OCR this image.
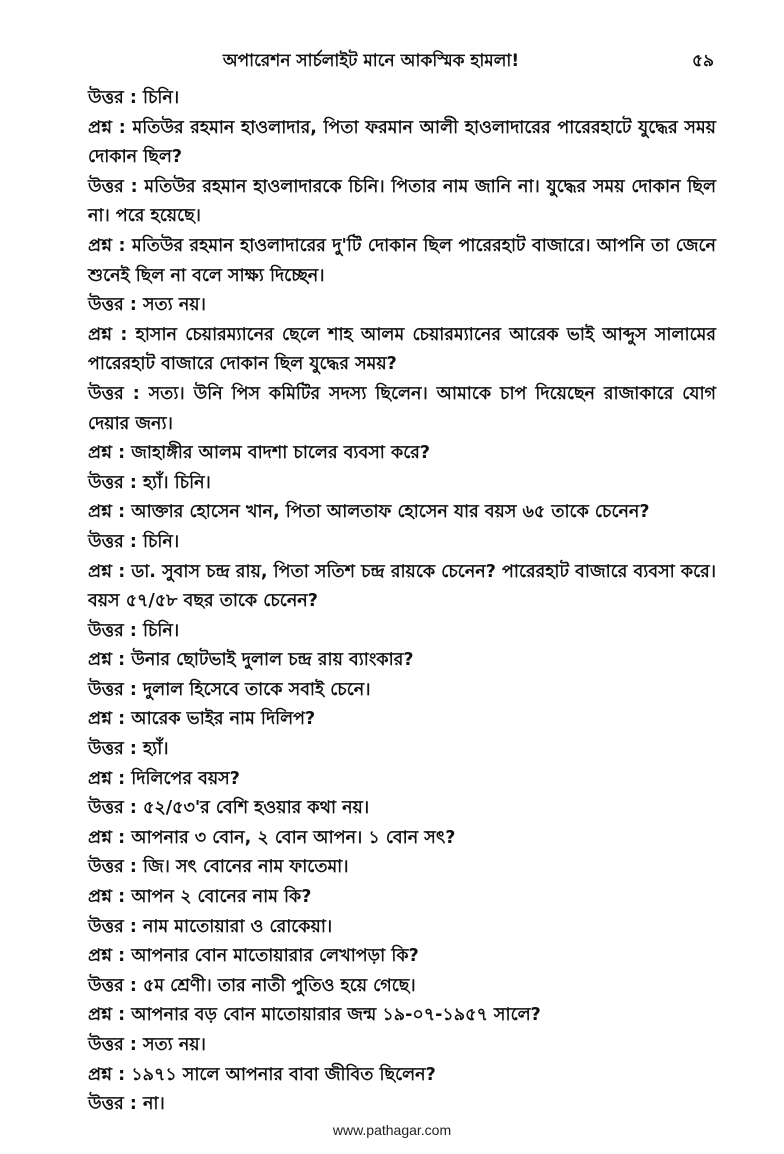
অপারেশন সার্চলাইট মানে আকস্মিক হামলা!	৫৯

উত্তর : চিনি।

প্রশ্ন : মতিউর রহমান হাওলাদার, পিতা ফরমান আলী হাওলাদারের পারেরহাটে যুদ্ধের সময় দোকান ছিল?

উত্তর : মতিউর রহমান হাওলাদারকে চিনি। পিতার নাম জানি না। যুদ্ধের সময় দোকান ছিল না। পরে হয়েছে।

প্রশ্ন : মতিউর রহমান হাওলাদারের দু'টি দোকান ছিল পারেরহাট বাজারে। আপনি তা জেনে শুনেই ছিল না বলে সাক্ষ্য দিচ্ছেন।

উত্তর : সত্য নয়।

প্রশ্ন : হাসান চেয়ারম্যানের ছেলে শাহ আলম চেয়ারম্যানের আরেক ভাই আব্দুস সালামের পারেরহাট বাজারে দোকান ছিল যুদ্ধের সময়?

উত্তর : সত্য। উনি পিস কমিটির সদস্য ছিলেন। আমাকে চাপ দিয়েছেন রাজাকারে যোগ দেয়ার জন্য।

প্রশ্ন : জাহাঙ্গীর আলম বাদশা চালের ব্যবসা করে?

উত্তর : হ্যাঁ। চিনি।

প্রশ্ন : আক্তার হোসেন খান, পিতা আলতাফ হোসেন যার বয়স ৬৫ তাকে চেনেন?

উত্তর : চিনি।

প্রশ্ন : ডা. সুবাস চন্দ্র রায়, পিতা সতিশ চন্দ্র রায়কে চেনেন? পারেরহাট বাজারে ব্যবসা করে। বয়স ৫৭/৫৮ বছর তাকে চেনেন?

উত্তর : চিনি।

প্রশ্ন : উনার ছোটভাই দুলাল চন্দ্র রায় ব্যাংকার?

উত্তর : দুলাল হিসেবে তাকে সবাই চেনে।

প্রশ্ন : আরেক ভাইর নাম দিলিপ?

উত্তর : হ্যাঁ।

প্রশ্ন : দিলিপের বয়স?

উত্তর : ৫২/৫৩'র বেশি হওয়ার কথা নয়।

প্রশ্ন : আপনার ৩ বোন, ২ বোন আপন। ১ বোন সৎ?

উত্তর : জি। সৎ বোনের নাম ফাতেমা।

প্রশ্ন : আপন ২ বোনের নাম কি?

উত্তর : নাম মাতোয়ারা ও রোকেয়া।

প্রশ্ন : আপনার বোন মাতোয়ারার লেখাপড়া কি?

উত্তর : ৫ম শ্রেণী। তার নাতী পুতিও হয়ে গেছে।

প্রশ্ন : আপনার বড় বোন মাতোয়ারার জন্ম ১৯-০৭-১৯৫৭ সালে?

উত্তর : সত্য নয়।

প্রশ্ন : ১৯৭১ সালে আপনার বাবা জীবিত ছিলেন?

উত্তর : না।

www.pathagar.com
